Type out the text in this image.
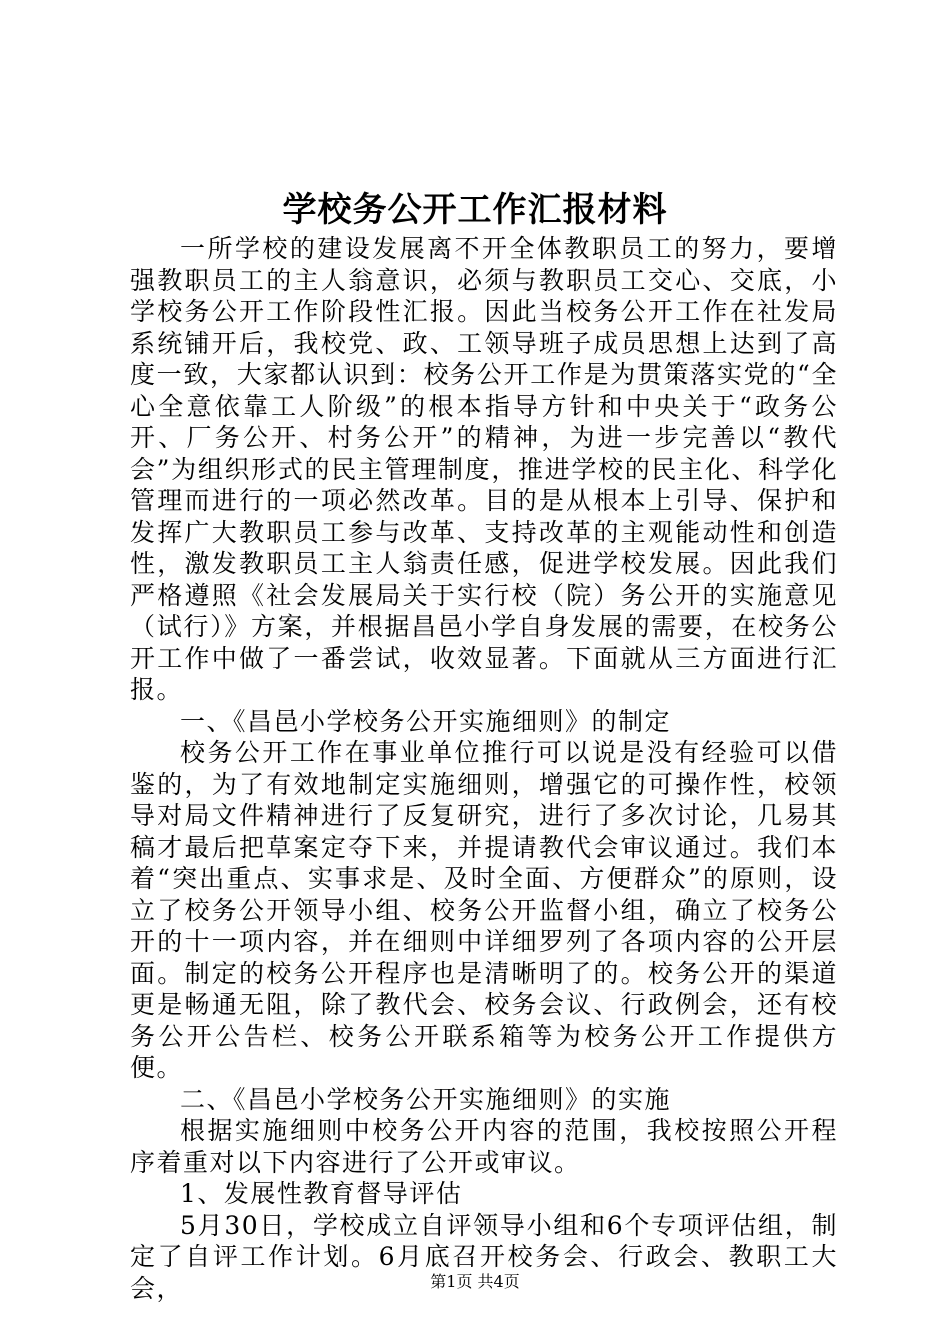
学校务公开工作汇报材料

一所学校的建设发展离不开全体教职员工的努力，要增强教职员工的主人翁意识，必须与教职员工交心、交底，小学校务公开工作阶段性汇报。因此当校务公开工作在社发局系统铺开后，我校党、政、工领导班子成员思想上达到了高度一致，大家都认识到：校务公开工作是为贯策落实党的“全心全意依靠工人阶级”的根本指导方针和中央关于“政务公开、厂务公开、村务公开”的精神，为进一步完善以“教代会”为组织形式的民主管理制度，推进学校的民主化、科学化管理而进行的一项必然改革。目的是从根本上引导、保护和发挥广大教职员工参与改革、支持改革的主观能动性和创造性，激发教职员工主人翁责任感，促进学校发展。因此我们严格遵照《社会发展局关于实行校（院）务公开的实施意见（试行）》方案，并根据昌邑小学自身发展的需要，在校务公开工作中做了一番尝试，收效显著。下面就从三方面进行汇报。

一、《昌邑小学校务公开实施细则》的制定

校务公开工作在事业单位推行可以说是没有经验可以借鉴的，为了有效地制定实施细则，增强它的可操作性，校领导对局文件精神进行了反复研究，进行了多次讨论，几易其稿才最后把草案定夺下来，并提请教代会审议通过。我们本着“突出重点、实事求是、及时全面、方便群众”的原则，设立了校务公开领导小组、校务公开监督小组，确立了校务公开的十一项内容，并在细则中详细罗列了各项内容的公开层面。制定的校务公开程序也是清晰明了的。校务公开的渠道更是畅通无阻，除了教代会、校务会议、行政例会，还有校务公开公告栏、校务公开联系箱等为校务公开工作提供方便。

二、《昌邑小学校务公开实施细则》的实施

根据实施细则中校务公开内容的范围，我校按照公开程序着重对以下内容进行了公开或审议。

1、发展性教育督导评估

5月30日，学校成立自评领导小组和6个专项评估组，制定了自评工作计划。6月底召开校务会、行政会、教职工大会，	第1页 共4页
